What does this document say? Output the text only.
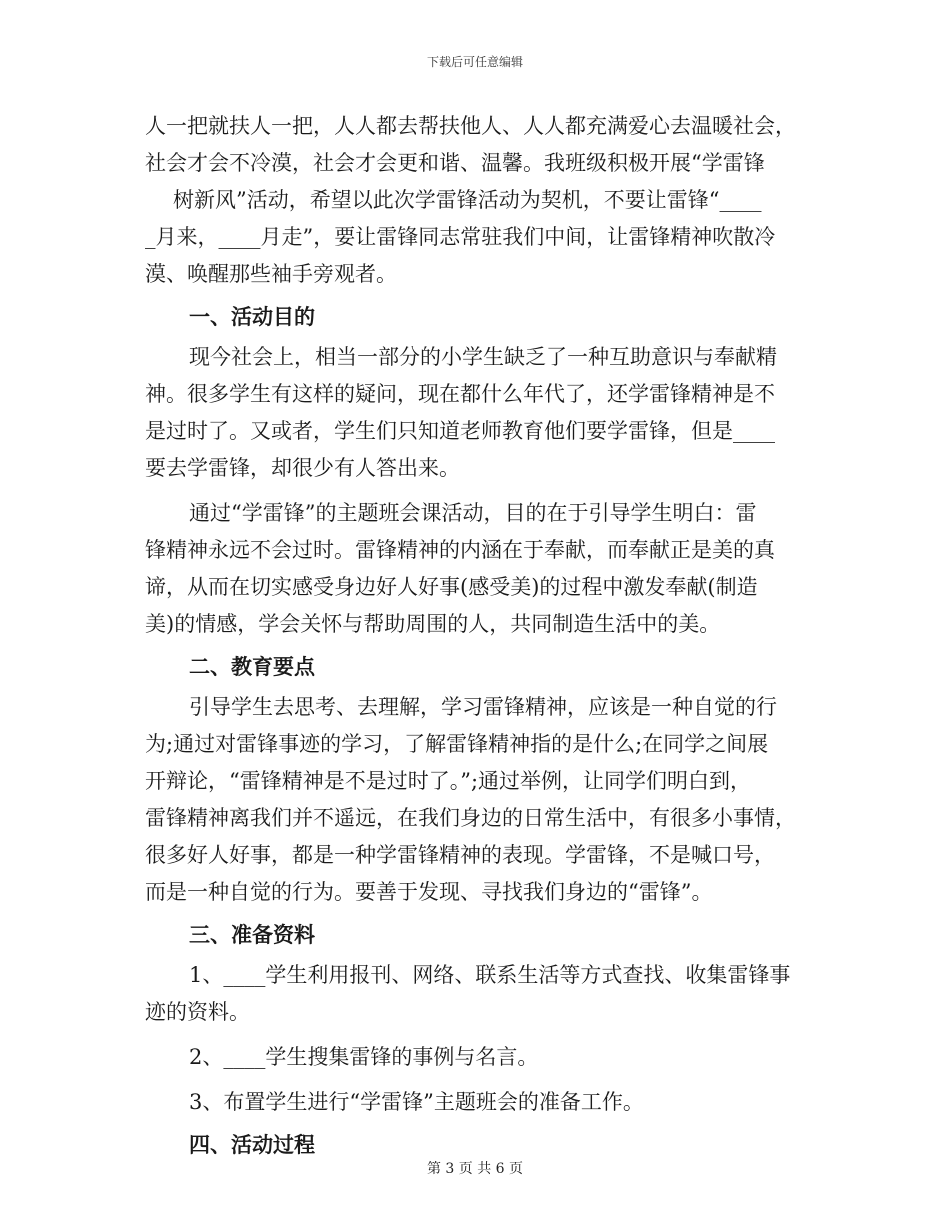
下载后可任意编辑
人一把就扶人一把，人人都去帮扶他人、人人都充满爱心去温暖社会，
社会才会不冷漠，社会才会更和谐、温馨。我班级积极开展“学雷锋
树新风”活动，希望以此次学雷锋活动为契机，不要让雷锋“____
_月来，____月走”，要让雷锋同志常驻我们中间，让雷锋精神吹散冷
漠、唤醒那些袖手旁观者。
一、活动目的
现今社会上，相当一部分的小学生缺乏了一种互助意识与奉献精
神。很多学生有这样的疑问，现在都什么年代了，还学雷锋精神是不
是过时了。又或者，学生们只知道老师教育他们要学雷锋，但是____
要去学雷锋，却很少有人答出来。
通过“学雷锋”的主题班会课活动，目的在于引导学生明白：雷
锋精神永远不会过时。雷锋精神的内涵在于奉献，而奉献正是美的真
谛，从而在切实感受身边好人好事(感受美)的过程中激发奉献(制造
美)的情感，学会关怀与帮助周围的人，共同制造生活中的美。
二、教育要点
引导学生去思考、去理解，学习雷锋精神，应该是一种自觉的行
为;通过对雷锋事迹的学习，了解雷锋精神指的是什么;在同学之间展
开辩论，“雷锋精神是不是过时了。”;通过举例，让同学们明白到，
雷锋精神离我们并不遥远，在我们身边的日常生活中，有很多小事情，
很多好人好事，都是一种学雷锋精神的表现。学雷锋，不是喊口号，
而是一种自觉的行为。要善于发现、寻找我们身边的“雷锋”。
三、准备资料
1、____学生利用报刊、网络、联系生活等方式查找、收集雷锋事
迹的资料。
2、____学生搜集雷锋的事例与名言。
3、布置学生进行“学雷锋”主题班会的准备工作。
四、活动过程
第 3 页 共 6 页
